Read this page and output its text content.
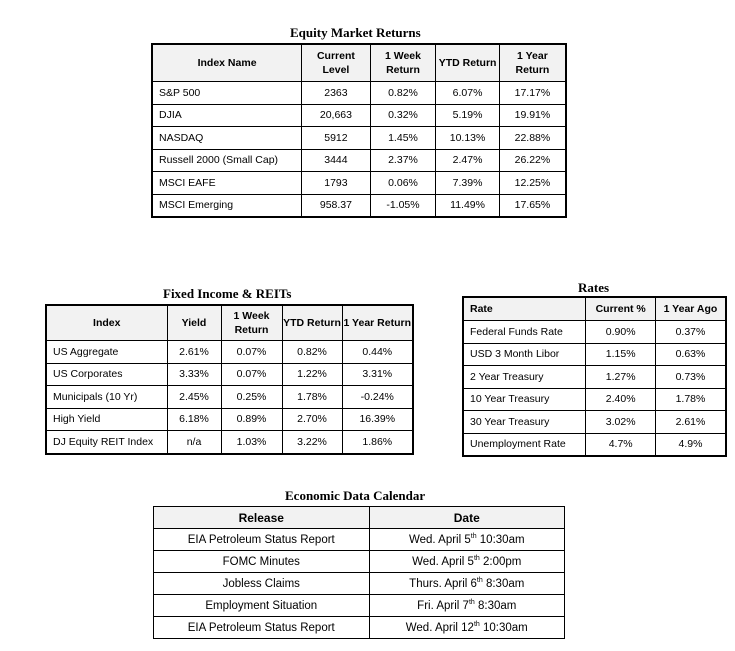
Equity Market Returns
Index Name	Current Level	1 Week Return	YTD Return	1 Year Return
S&P 500	2363	0.82%	6.07%	17.17%
DJIA	20,663	0.32%	5.19%	19.91%
NASDAQ	5912	1.45%	10.13%	22.88%
Russell 2000 (Small Cap)	3444	2.37%	2.47%	26.22%
MSCI EAFE	1793	0.06%	7.39%	12.25%
MSCI Emerging	958.37	-1.05%	11.49%	17.65%
Fixed Income & REITs
Index	Yield	1 Week Return	YTD Return	1 Year Return
US Aggregate	2.61%	0.07%	0.82%	0.44%
US Corporates	3.33%	0.07%	1.22%	3.31%
Municipals (10 Yr)	2.45%	0.25%	1.78%	-0.24%
High Yield	6.18%	0.89%	2.70%	16.39%
DJ Equity REIT Index	n/a	1.03%	3.22%	1.86%
Rates
Rate	Current %	1 Year Ago
Federal Funds Rate	0.90%	0.37%
USD 3 Month Libor	1.15%	0.63%
2 Year Treasury	1.27%	0.73%
10 Year Treasury	2.40%	1.78%
30 Year Treasury	3.02%	2.61%
Unemployment Rate	4.7%	4.9%
Economic Data Calendar
Release	Date
EIA Petroleum Status Report	Wed. April 5th 10:30am
FOMC Minutes	Wed. April 5th 2:00pm
Jobless Claims	Thurs. April 6th 8:30am
Employment Situation	Fri. April 7th 8:30am
EIA Petroleum Status Report	Wed. April 12th 10:30am
